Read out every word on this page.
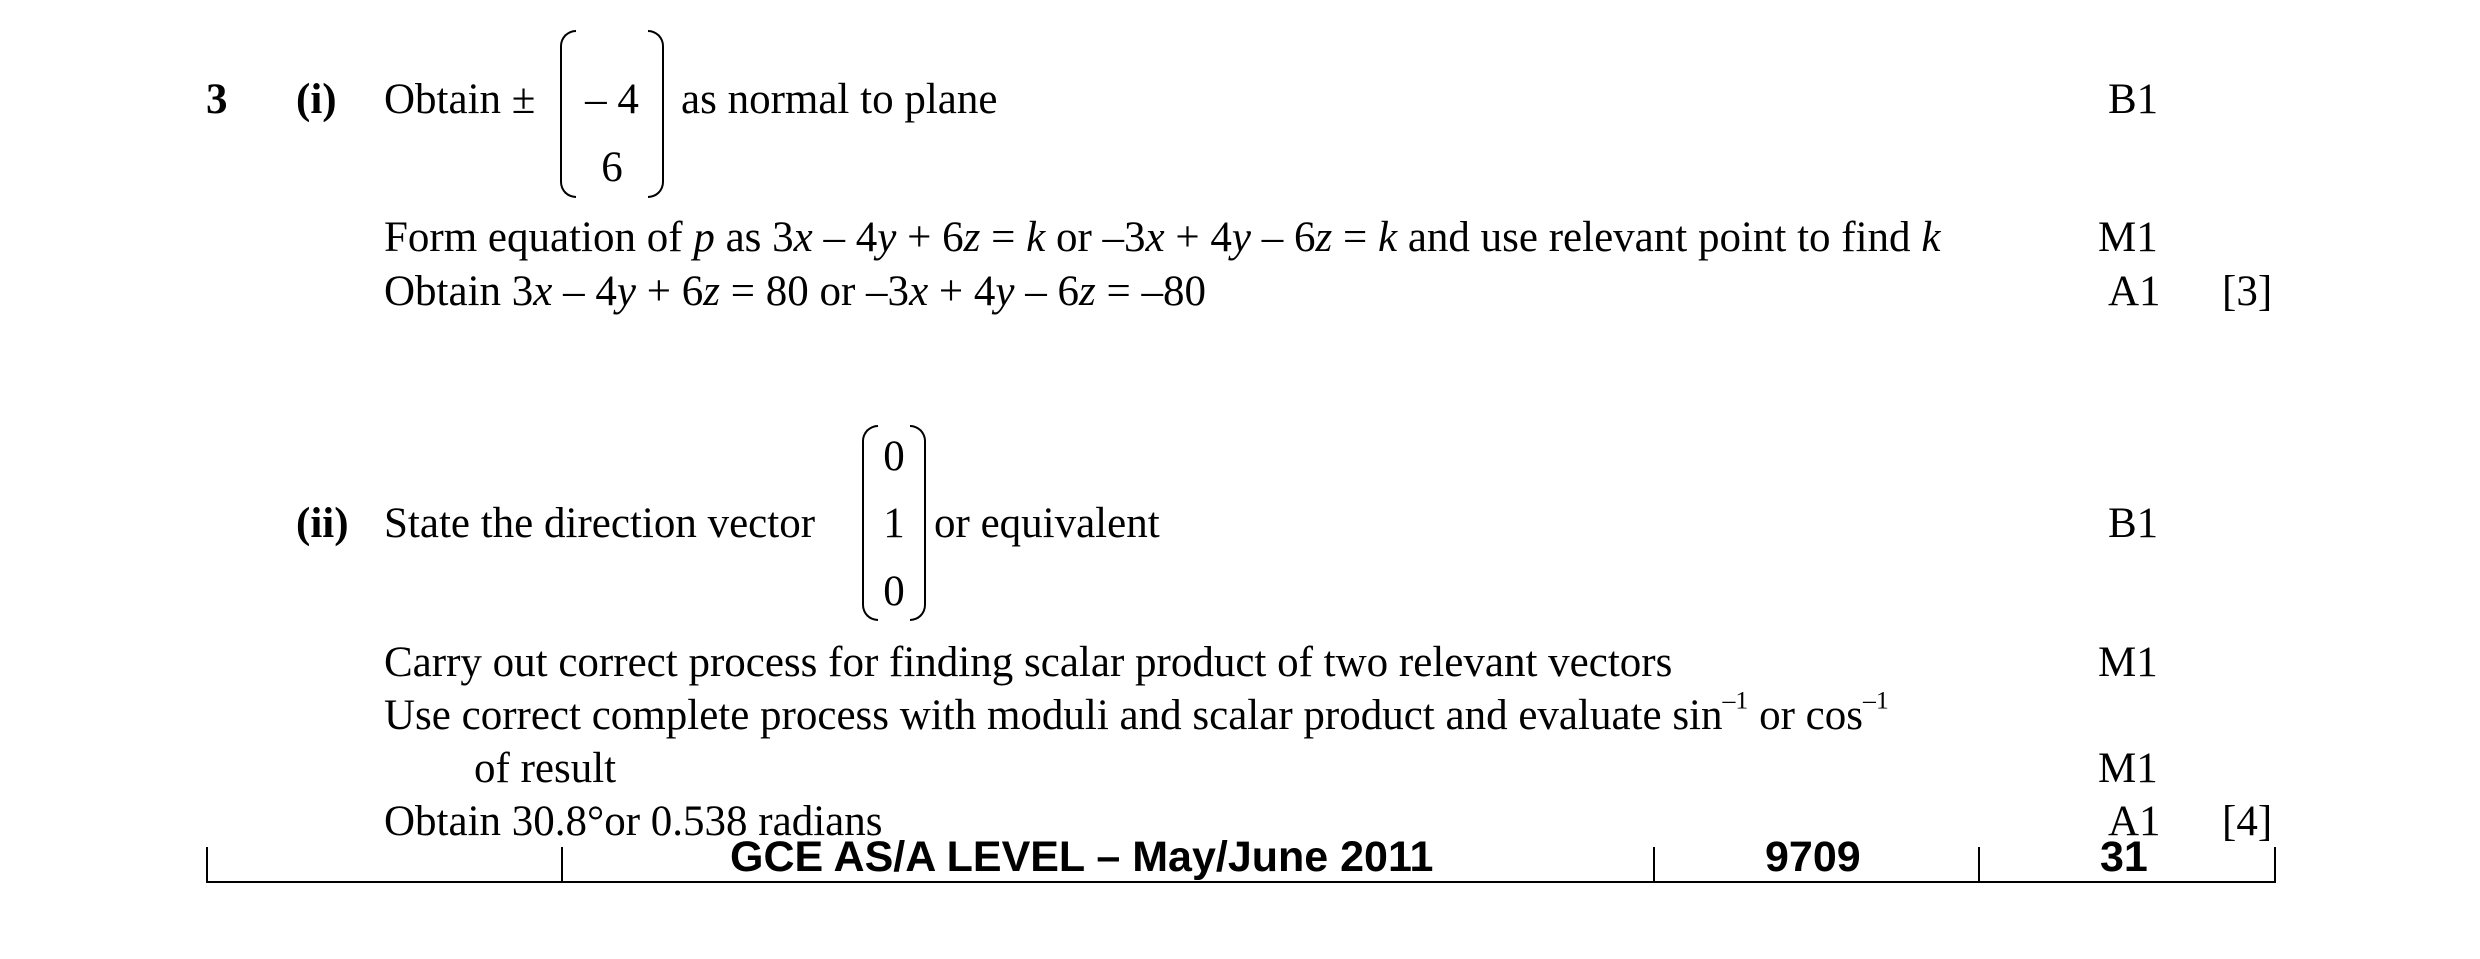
3 (i) Obtain ±	– 4
6
as normal to plane	B1
Form equation of p as 3x – 4y + 6z = k or –3x + 4y – 6z = k and use relevant point to find k	M1
Obtain 3x – 4y + 6z = 80 or –3x + 4y – 6z = –80	A1 [3]
(ii) State the direction vector
0
1
0
or equivalent	B1
Carry out correct process for finding scalar product of two relevant vectors	M1
Use correct complete process with moduli and scalar product and evaluate $\sin^{-1}$ or $\cos^{-1}$
of result	M1
Obtain 30.8°or 0.538 radians	A1 [4]
GCE AS/A LEVEL – May/June 2011	9709	31
